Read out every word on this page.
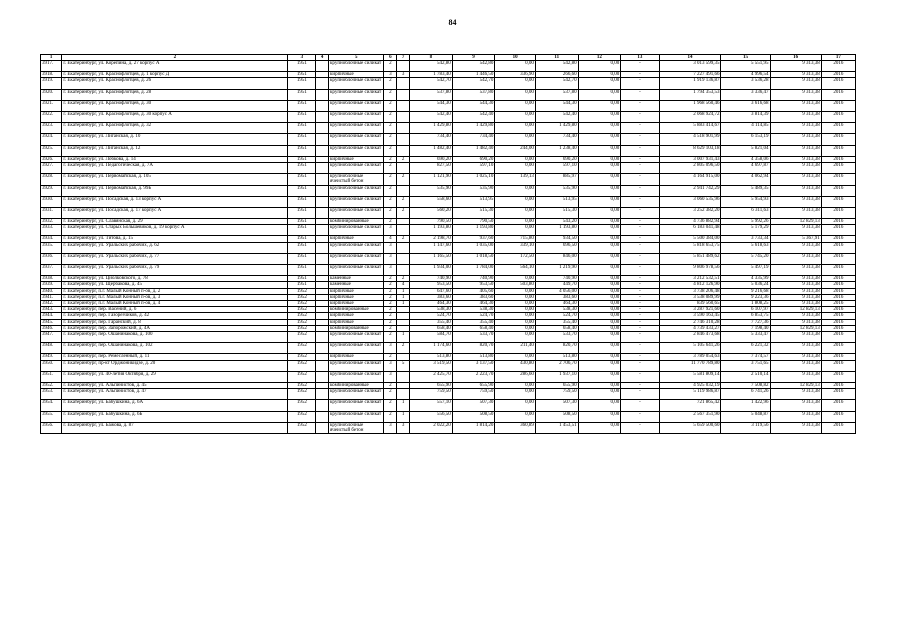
84
1	2	3	4	5	6	7	8	9	10	11	12	13	14	15	16	17
3917.	г. Екатеринбург, ул. Корепина, д. 27 корпус А	1951		крупноблочные силикат	2		542,80	542,80	0,00	542,80	0,00	-	3 013 599,35	5 551,95	9 313,38	2016
3918.	г. Екатеринбург, ул. Краснофлотцев, д. 1 корпус Д	1951		кирпичные	3	3	1 783,40	1 446,50	336,90	266,60	0,00	-	7 227 491,66	4 996,54	9 313,38	2016
3919.	г. Екатеринбург, ул. Краснофлотцев, д. 26	1951		крупноблочные силикат	2		542,70	542,70	0,00	542,70	0,00	-	1 919 136,87	3 536,28	9 313,38	2016
3920.	г. Екатеринбург, ул. Краснофлотцев, д. 28	1951		крупноблочные силикат	2		537,80	537,80	0,00	537,80	0,00	-	1 794 353,53	3 336,47	9 313,38	2016
3921.	г. Екатеринбург, ул. Краснофлотцев, д. 30	1951		крупноблочные силикат	2		544,30	544,30	0,00	544,30	0,00	-	1 968 560,46	3 616,68	9 313,38	2016
3922.	г. Екатеринбург, ул. Краснофлотцев, д. 30 корпус А	1951		крупноблочные силикат	2		542,40	542,40	0,00	542,40	0,00	-	2 068 924,72	3 814,39	9 313,38	2016
3923.	г. Екатеринбург, ул. Краснофлотцев, д. 32	1951		крупноблочные силикат	2		1 429,80	1 429,80	0,00	1 429,80	0,00	-	5 883 414,67	4 114,85	9 313,38	2016
3924.	г. Екатеринбург, ул. Лиганская, д. 10	1951		крупноблочные силикат	2		734,40	734,40	0,00	734,40	0,00	-	4 518 901,99	6 153,19	9 313,38	2016
3925.	г. Екатеринбург, ул. Лиганская, д. 12	1951		крупноблочные силикат	2		1 482,40	1 482,40	244,00	1 238,40	0,00	-	8 629 103,18	5 821,04	9 313,38	2016
3926.	г. Екатеринбург, ул. Лобкова, д. 14	1951		кирпичные	2	2	690,20	690,20	0,00	690,20	0,00	-	3 007 931,43	4 358,06	9 313,38	2016
3927.	г. Екатеринбург, ул. Педагогическая, д. 7А	1951		крупноблочные силикат	2		827,50	597,10	0,00	597,10	0,00	-	2 805 096,50	4 697,87	9 313,38	2016
3928.	г. Екатеринбург, ул. Первомайская, д. 105	1951		крупноблочные ячеистый бетон	2	2	1 121,90	1 025,10	139,13	885,97	0,00	-	4 164 915,00	4 062,94	9 313,38	2016
3929.	г. Екатеринбург, ул. Первомайская, д. 99Б	1951		крупноблочные силикат	2		535,90	535,90	0,00	535,90	0,00	-	2 941 742,29	5 489,35	9 313,38	2016
3930.	г. Екатеринбург, ул. Посадская, д. 13 корпус А	1951		крупноблочные силикат	2	2	558,60	513,95	0,00	513,95	0,00	-	3 060 535,96	5 954,93	9 313,38	2016
3931.	г. Екатеринбург, ул. Посадская, д. 17 корпус А	1951		крупноблочные силикат	2	2	560,20	515,30	0,00	515,30	0,00	-	3 252 382,20	6 311,63	9 313,38	2016
3932.	г. Екатеринбург, ул. Славянская, д. 29	1951		комбинированные	2		790,50	790,50	0,00	543,20	0,00	-	4 736 882,94	5 992,26	12 829,13	2016
3933.	г. Екатеринбург, ул. Старых Большевиков, д. 19 корпус А	1951		крупноблочные силикат	3		1 193,80	1 193,80	0,00	1 193,80	0,00	-	6 183 041,48	5 179,29	9 313,38	2016
3934.	г. Екатеринбург, ул. Титова, д. 15	1951		кирпичные	4	2	2 198,70	937,60	715,80	934,50	0,00	-	5 500 384,00	3 733,34	5 367,91	2016
3935.	г. Екатеринбург, ул. Уральских рабочих, д. 62	1951		крупноблочные силикат	3		1 147,60	1 035,00	339,10	696,50	0,00	-	5 818 653,75	5 618,63	9 313,38	2016
3936.	г. Екатеринбург, ул. Уральских рабочих, д. 77	1951		крупноблочные силикат	3		1 165,50	1 018,50	172,50	846,00	0,00	-	5 851 489,62	5 745,20	9 313,38	2016
3937.	г. Екатеринбург, ул. Уральских рабочих, д. 79	1951		крупноблочные силикат	3		1 934,00	1 784,00	564,10	1 219,90	0,00	-	9 806 978,56	5 497,19	9 313,38	2016
3938.	г. Екатеринбург, ул. Циолковского, д. 78	1951		каменные	2	2	740,90	740,90	0,00	740,90	0,00	-	3 212 532,51	4 335,99	9 313,38	2016
3939.	г. Екатеринбург, ул. Щербакова, д. 45	1951		каменные	2	4	953,50	953,50	503,80	449,70	0,00	-	4 812 126,90	5 036,24	9 313,38	2016
3940.	г. Екатеринбург, п.г. Малый Конный п-ов, д. 2	1952		кирпичные	2	1	647,60	405,60	0,00	4 056,00	0,00	-	3 738 206,48	9 216,68	9 313,38	2016
3941.	г. Екатеринбург, п.г. Малый Конный п-ов, д. 3	1952		кирпичные	2	1	383,60	383,60	0,00	383,60	0,00	-	3 538 089,99	9 223,36	9 313,38	2016
3942.	г. Екатеринбург, п.г. Малый Конный п-ов, д. 4	1952		кирпичные	2	1	464,30	464,30	0,00	464,30	0,00	-	839 560,65	1 808,25	9 313,38	2016
3943.	г. Екатеринбург, пер. Васений, д. 6	1952		комбинированные	2		538,30	538,30	0,00	538,30	0,00	-	3 287 921,60	6 107,97	12 829,13	2016
3944.	г. Екатеринбург, пер. Газорезчиков, д. 42	1952		кирпичные	2		524,70	524,70	0,00	524,70	0,00	-	3 590 163,45	6 853,75	9 313,38	2016
3945.	г. Екатеринбург, пер. Гаранский, д. 8	1952		кирпичные	2		355,40	355,40	0,00	355,40	0,00	-	2 746 310,28	7 727,36	9 313,38	2016
3946.	г. Екатеринбург, пер. Запорожский, д. 4А	1952		комбинированные	2		658,40	658,40	0,00	658,40	0,00	-	4 739 433,27	7 198,40	12 829,13	2016
3947.	г. Екатеринбург, пер. Ошанинакова, д. 100	1952		крупноблочные силикат	2	1	584,70	533,70	0,00	533,70	0,00	-	2 846 473,68	5 333,47	9 313,38	2016
3948.	г. Екатеринбург, пер. Ошанинакова, д. 102	1952		крупноблочные силикат	3	2	1 174,60	820,70	211,40	820,70	0,00	-	5 105 641,26	6 221,32	9 313,38	2016
3949.	г. Екатеринбург, пер. Ремесленный, д. 11	1952		кирпичные	2		513,80	513,80	0,00	513,80	0,00	-	3 789 054,63	7 374,57	9 313,38	2016
3950.	г. Екатеринбург, пр-кт Орджоникидзе, д. 20	1952		крупноблочные силикат	3	5	3 519,50	3 137,50	430,80	2 706,70	0,00	-	11 770 789,80	3 751,65	9 313,38	2016
3951.	г. Екатеринбург, ул. 40-летия Октября, д. 29	1952		крупноблочные силикат	3		2 425,70	2 223,70	286,60	1 937,10	0,00	-	5 581 809,14	2 510,14	9 313,38	2016
3952.	г. Екатеринбург, ул. Альпинистов, д. 45	1952		комбинированные	2		655,90	655,90	0,00	655,90	0,00	-	4 925 032,19	7 508,82	12 829,13	2016
3953.	г. Екатеринбург, ул. Альпинистов, д. 47	1952		крупноблочные силикат	2		759,50	759,50	0,00	759,50	0,00	-	5 119 986,87	6 741,26	9 313,38	2016
3954.	г. Екатеринбург, ул. Бабушкина, д. 6А	1952		крупноблочные силикат	2	1	557,10	507,30	0,00	507,30	0,00	-	721 865,42	1 422,96	9 313,38	2016
3955.	г. Екатеринбург, ул. Бабушкина, д. 6Б	1952		крупноблочные силикат	2	1	556,50	508,50	0,00	508,50	0,00	-	2 567 351,90	5 048,87	9 313,38	2016
3956.	г. Екатеринбург, ул. Бажова, д. 87	1952		крупноблочные ячеистый бетон	3	3	2 022,20	1 814,20	360,89	1 453,51	0,00	-	5 659 500,60	3 119,56	9 313,38	2016
